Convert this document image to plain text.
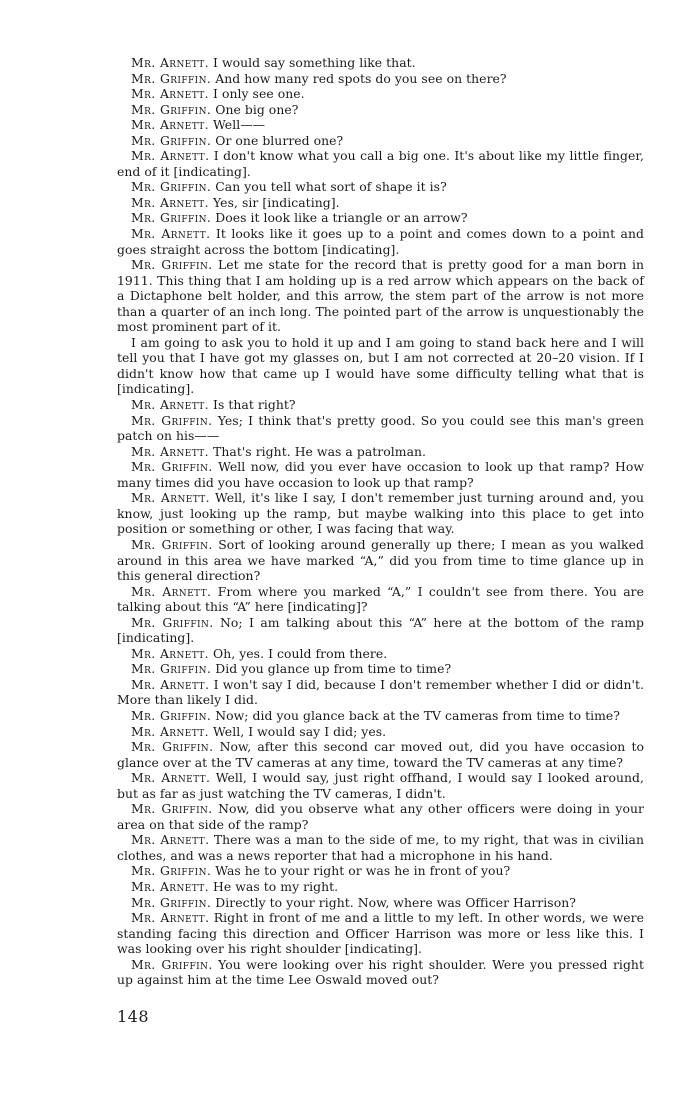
Mr. Arnett. I would say something like that.

Mr. Griffin. And how many red spots do you see on there?

Mr. Arnett. I only see one.

Mr. Griffin. One big one?

Mr. Arnett. Well——

Mr. Griffin. Or one blurred one?

Mr. Arnett. I don't know what you call a big one. It's about like my little finger, end of it [indicating].

Mr. Griffin. Can you tell what sort of shape it is?

Mr. Arnett. Yes, sir [indicating].

Mr. Griffin. Does it look like a triangle or an arrow?

Mr. Arnett. It looks like it goes up to a point and comes down to a point and goes straight across the bottom [indicating].

Mr. Griffin. Let me state for the record that is pretty good for a man born in 1911. This thing that I am holding up is a red arrow which appears on the back of a Dictaphone belt holder, and this arrow, the stem part of the arrow is not more than a quarter of an inch long. The pointed part of the arrow is unquestionably the most prominent part of it.

I am going to ask you to hold it up and I am going to stand back here and I will tell you that I have got my glasses on, but I am not corrected at 20–20 vision. If I didn't know how that came up I would have some difficulty telling what that is [indicating].

Mr. Arnett. Is that right?

Mr. Griffin. Yes; I think that's pretty good. So you could see this man's green patch on his——

Mr. Arnett. That's right. He was a patrolman.

Mr. Griffin. Well now, did you ever have occasion to look up that ramp? How many times did you have occasion to look up that ramp?

Mr. Arnett. Well, it's like I say, I don't remember just turning around and, you know, just looking up the ramp, but maybe walking into this place to get into position or something or other, I was facing that way.

Mr. Griffin. Sort of looking around generally up there; I mean as you walked around in this area we have marked “A,” did you from time to time glance up in this general direction?

Mr. Arnett. From where you marked “A,” I couldn't see from there. You are talking about this “A” here [indicating]?

Mr. Griffin. No; I am talking about this “A” here at the bottom of the ramp [indicating].

Mr. Arnett. Oh, yes. I could from there.

Mr. Griffin. Did you glance up from time to time?

Mr. Arnett. I won't say I did, because I don't remember whether I did or didn't. More than likely I did.

Mr. Griffin. Now; did you glance back at the TV cameras from time to time?

Mr. Arnett. Well, I would say I did; yes.

Mr. Griffin. Now, after this second car moved out, did you have occasion to glance over at the TV cameras at any time, toward the TV cameras at any time?

Mr. Arnett. Well, I would say, just right offhand, I would say I looked around, but as far as just watching the TV cameras, I didn't.

Mr. Griffin. Now, did you observe what any other officers were doing in your area on that side of the ramp?

Mr. Arnett. There was a man to the side of me, to my right, that was in civilian clothes, and was a news reporter that had a microphone in his hand.

Mr. Griffin. Was he to your right or was he in front of you?

Mr. Arnett. He was to my right.

Mr. Griffin. Directly to your right. Now, where was Officer Harrison?

Mr. Arnett. Right in front of me and a little to my left. In other words, we were standing facing this direction and Officer Harrison was more or less like this. I was looking over his right shoulder [indicating].

Mr. Griffin. You were looking over his right shoulder. Were you pressed right up against him at the time Lee Oswald moved out?

148
